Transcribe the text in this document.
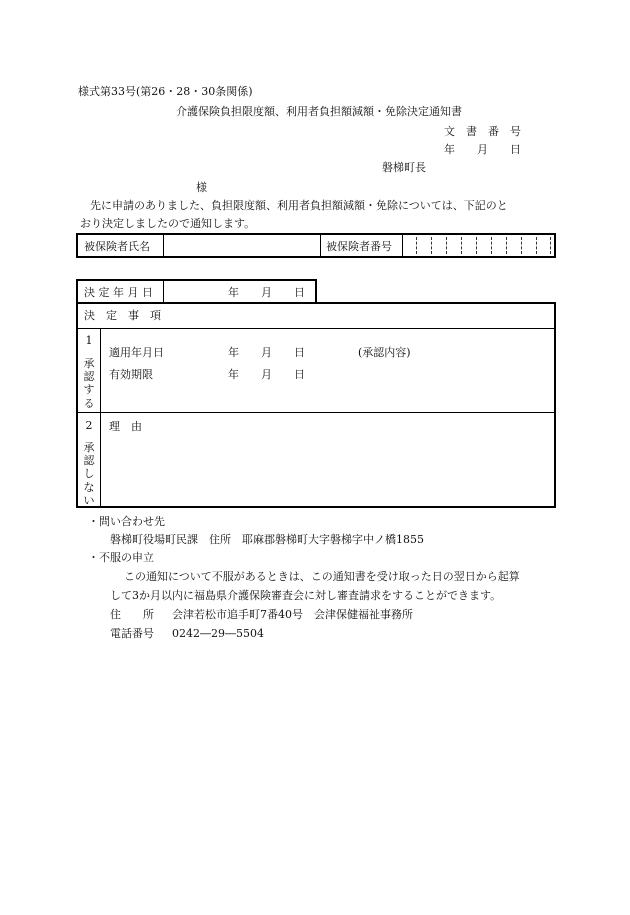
様式第33号(第26・28・30条関係)
介護保険負担限度額、利用者負担額減額・免除決定通知書
文　書　番　号
年　　月　　日
磐梯町長
様
先に申請のありました、負担限度額、利用者負担額減額・免除については、下記のと
おり決定しましたので通知します。
被保険者氏名	被保険者番号
決 定 年 月 日	年　　月　　日
決　定　事　項
1
承
認
す
る
適用年月日	年　　月　　日	(承認内容)
有効期限	年　　月　　日
2
承
認
し
な
い
理　由
・問い合わせ先
磐梯町役場町民課　住所　耶麻郡磐梯町大字磐梯字中ノ橋1855
・不服の申立
この通知について不服があるときは、この通知書を受け取った日の翌日から起算
して3か月以内に福島県介護保険審査会に対し審査請求をすることができます。
住　　所 会津若松市追手町7番40号　会津保健福祉事務所
電話番号 0242―29―5504
